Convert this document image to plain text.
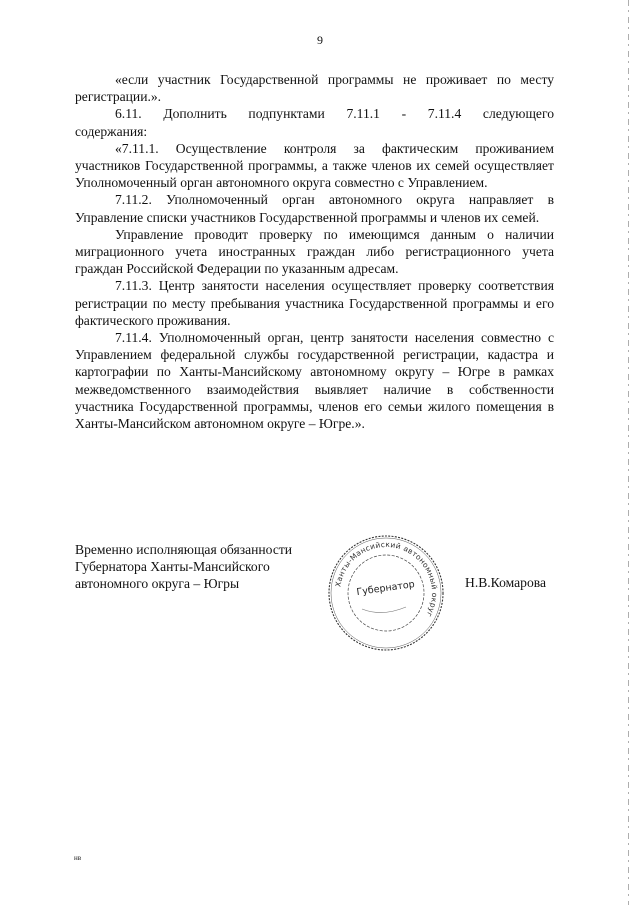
9

«если участник Государственной программы не проживает по месту регистрации.».

6.11. Дополнить подпунктами 7.11.1 - 7.11.4 следующего

содержания:

«7.11.1. Осуществление контроля за фактическим проживанием участников Государственной программы, а также членов их семей осуществляет Уполномоченный орган автономного округа совместно с Управлением.

7.11.2. Уполномоченный орган автономного округа направляет в Управление списки участников Государственной программы и членов их семей.

Управление проводит проверку по имеющимся данным о наличии миграционного учета иностранных граждан либо регистрационного учета граждан Российской Федерации по указанным адресам.

7.11.3. Центр занятости населения осуществляет проверку соответствия регистрации по месту пребывания участника Государственной программы и его фактического проживания.

7.11.4. Уполномоченный орган, центр занятости населения совместно с Управлением федеральной службы государственной регистрации, кадастра и картографии по Ханты-Мансийскому автономному округу – Югре в рамках межведомственного взаимодействия выявляет наличие в собственности участника Государственной программы, членов его семьи жилого помещения в Ханты-Мансийском автономном округе – Югре.».

Временно исполняющая обязанности
Губернатора Ханты-Мансийского
автономного округа – Югры	Ханты-Мансийский автономный округ
Губернатор	Н.В.Комарова
нв
